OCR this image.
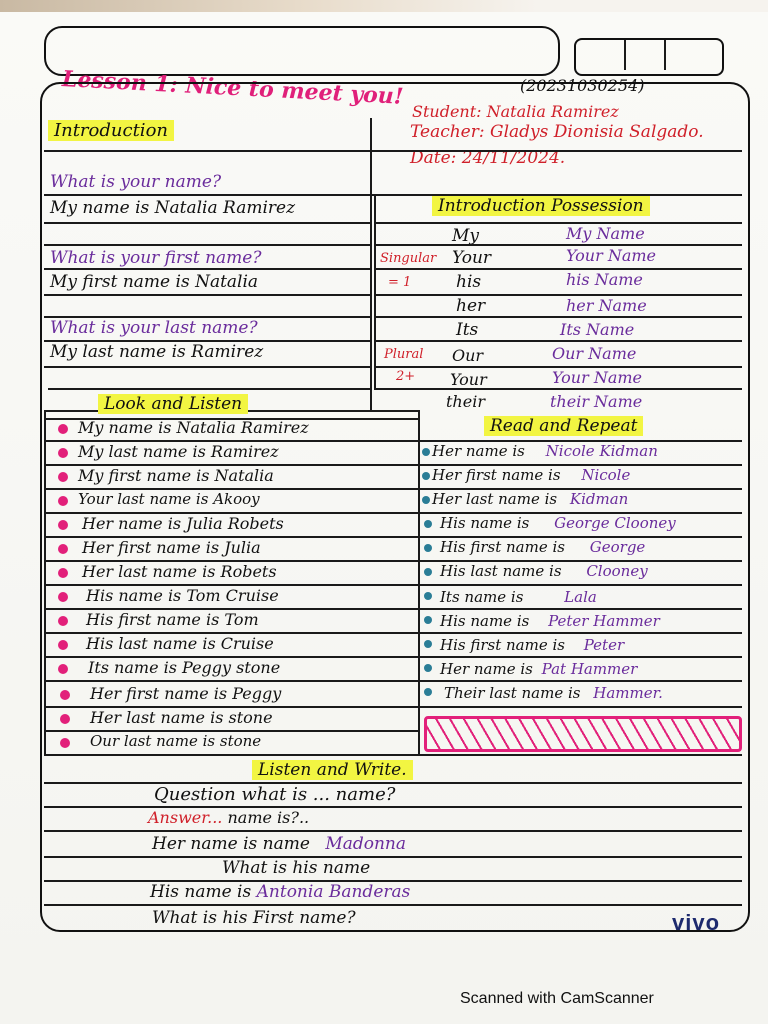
Lesson 1: Nice to meet you!	(20231030254)
Student: Natalia Ramirez
Teacher: Gladys Dionisia Salgado.
Date: 24/11/2024.
Introduction
What is your name?
My name is Natalia Ramirez
What is your first name?
My first name is Natalia
What is your last name?
My last name is Ramirez
Introduction Possession
Singular
= 1
Plural
2+
My	My Name
Your	Your Name
his	his Name
her	her Name
Its	Its Name
Our	Our Name
Your	Your Name
their	their Name
Look and Listen
Read and Repeat
My name is Natalia Ramirez
My last name is Ramirez
My first name is Natalia
Your last name is Akooy
Her name is Julia Robets
Her first name is Julia
Her last name is Robets
His name is Tom Cruise
His first name is Tom
His last name is Cruise
Its name is Peggy stone
Her first name is Peggy
Her last name is stone
Our last name is stone
Her name is Nicole Kidman
Her first name is Nicole
Her last name is Kidman
His name is George Clooney
His first name is George
His last name is Clooney
Its name is	Lala
His name is Peter Hammer
His first name is Peter
Her name is Pat Hammer
Their last name is Hammer.
Listen and Write.
Question what is ... name?
Answer... name is?..
Her name is name Madonna
What is his name
His name is Antonia Banderas
What is his First name?	vivo
Scanned with CamScanner
